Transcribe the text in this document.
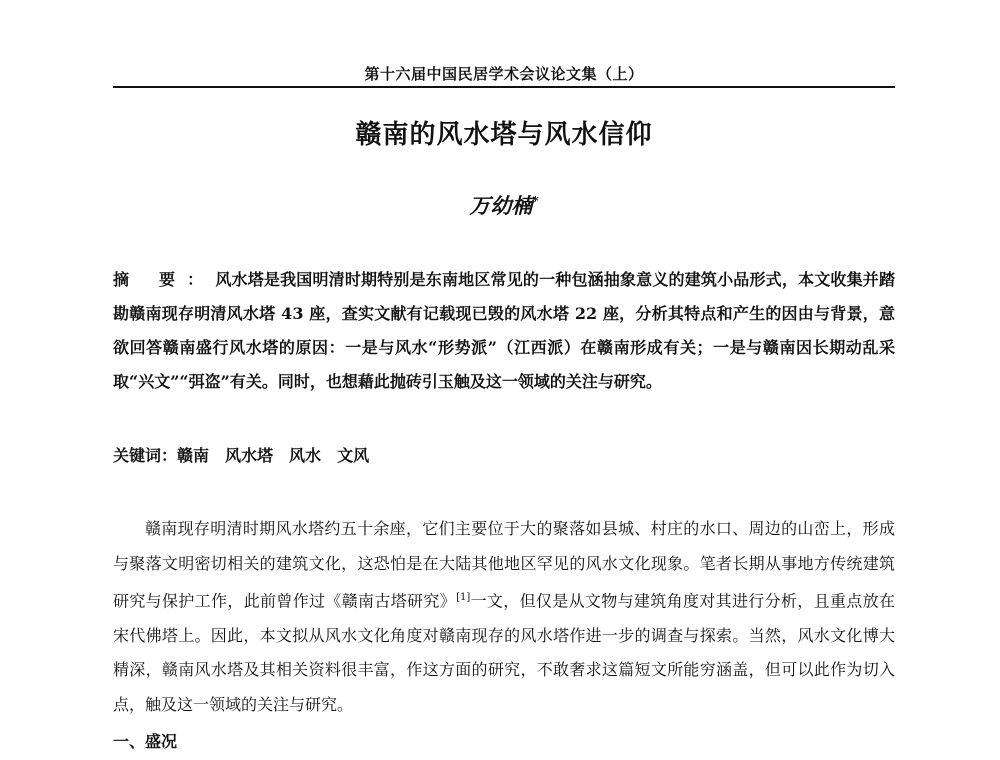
第十六届中国民居学术会议论文集（上）
赣南的风水塔与风水信仰
万幼楠*
摘 要：风水塔是我国明清时期特别是东南地区常见的一种包涵抽象意义的建筑小品形式，本文收集并踏勘赣南现存明清风水塔 43 座，查实文献有记载现已毁的风水塔 22 座，分析其特点和产生的因由与背景，意欲回答赣南盛行风水塔的原因：一是与风水“形势派”（江西派）在赣南形成有关；一是与赣南因长期动乱采取“兴文”“弭盗”有关。同时，也想藉此抛砖引玉触及这一领域的关注与研究。
关键词：赣南 风水塔 风水 文风
赣南现存明清时期风水塔约五十余座，它们主要位于大的聚落如县城、村庄的水口、周边的山峦上，形成与聚落文明密切相关的建筑文化，这恐怕是在大陆其他地区罕见的风水文化现象。笔者长期从事地方传统建筑研究与保护工作，此前曾作过《赣南古塔研究》[1]一文，但仅是从文物与建筑角度对其进行分析，且重点放在宋代佛塔上。因此，本文拟从风水文化角度对赣南现存的风水塔作进一步的调查与探索。当然，风水文化博大精深，赣南风水塔及其相关资料很丰富，作这方面的研究，不敢奢求这篇短文所能穷涵盖，但可以此作为切入点，触及这一领域的关注与研究。
一、盛况
